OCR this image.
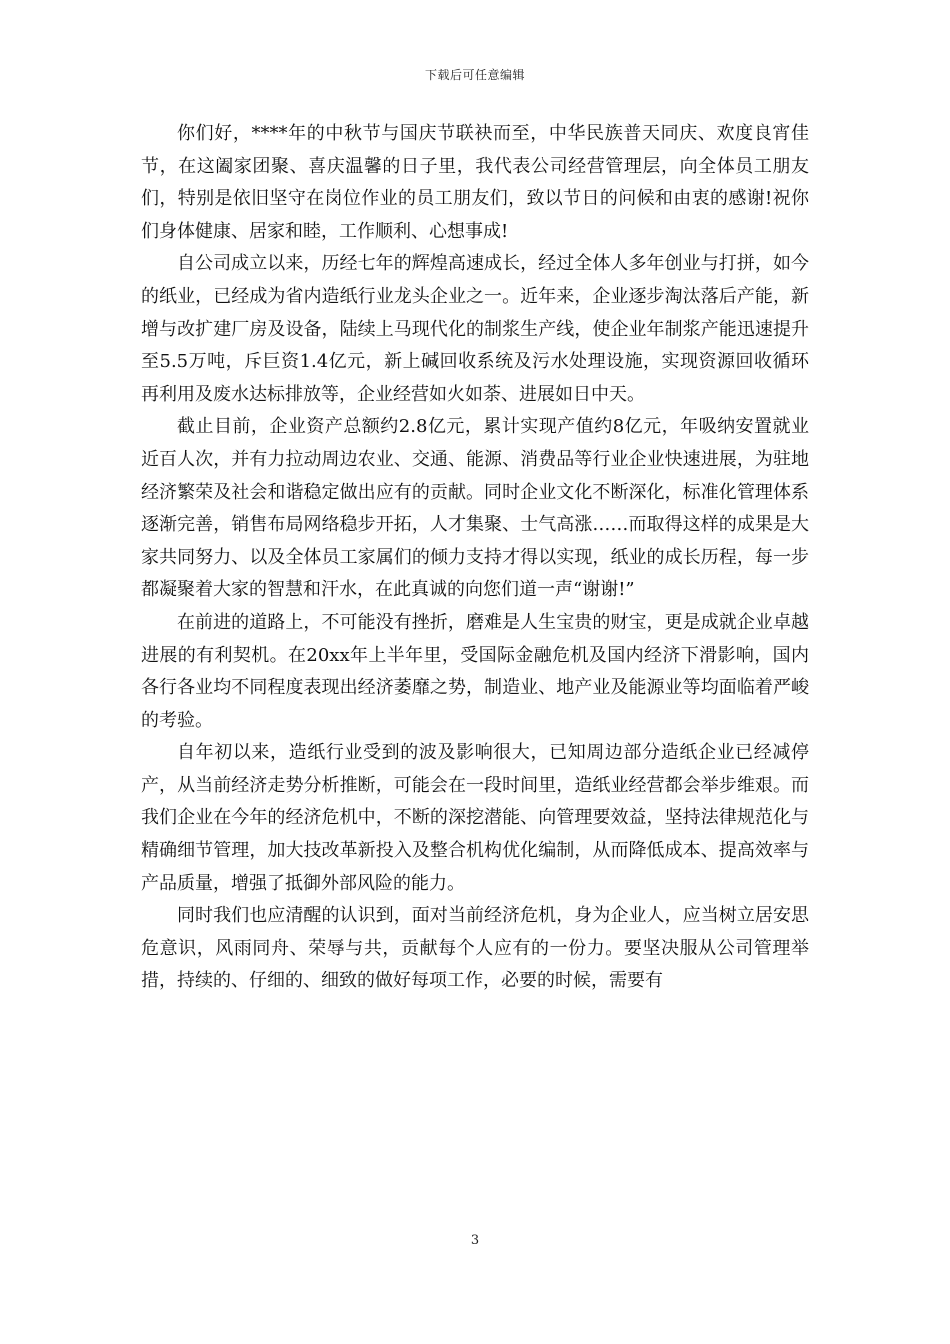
下载后可任意编辑

你们好，****年的中秋节与国庆节联袂而至，中华民族普天同庆、欢度良宵佳节，在这阖家团聚、喜庆温馨的日子里，我代表公司经营管理层，向全体员工朋友们，特别是依旧坚守在岗位作业的员工朋友们，致以节日的问候和由衷的感谢!祝你们身体健康、居家和睦，工作顺利、心想事成!

自公司成立以来，历经七年的辉煌高速成长，经过全体人多年创业与打拼，如今的纸业，已经成为省内造纸行业龙头企业之一。近年来，企业逐步淘汰落后产能，新增与改扩建厂房及设备，陆续上马现代化的制浆生产线，使企业年制浆产能迅速提升至5.5万吨，斥巨资1.4亿元，新上碱回收系统及污水处理设施，实现资源回收循环再利用及废水达标排放等，企业经营如火如荼、进展如日中天。

截止目前，企业资产总额约2.8亿元，累计实现产值约8亿元，年吸纳安置就业近百人次，并有力拉动周边农业、交通、能源、消费品等行业企业快速进展，为驻地经济繁荣及社会和谐稳定做出应有的贡献。同时企业文化不断深化，标准化管理体系逐渐完善，销售布局网络稳步开拓，人才集聚、士气高涨……而取得这样的成果是大家共同努力、以及全体员工家属们的倾力支持才得以实现，纸业的成长历程，每一步都凝聚着大家的智慧和汗水，在此真诚的向您们道一声“谢谢!”

在前进的道路上，不可能没有挫折，磨难是人生宝贵的财宝，更是成就企业卓越进展的有利契机。在20xx年上半年里，受国际金融危机及国内经济下滑影响，国内各行各业均不同程度表现出经济萎靡之势，制造业、地产业及能源业等均面临着严峻的考验。

自年初以来，造纸行业受到的波及影响很大，已知周边部分造纸企业已经减停产，从当前经济走势分析推断，可能会在一段时间里，造纸业经营都会举步维艰。而我们企业在今年的经济危机中，不断的深挖潜能、向管理要效益，坚持法律规范化与精确细节管理，加大技改革新投入及整合机构优化编制，从而降低成本、提高效率与产品质量，增强了抵御外部风险的能力。

同时我们也应清醒的认识到，面对当前经济危机，身为企业人，应当树立居安思危意识，风雨同舟、荣辱与共，贡献每个人应有的一份力。要坚决服从公司管理举措，持续的、仔细的、细致的做好每项工作，必要的时候，需要有

3
